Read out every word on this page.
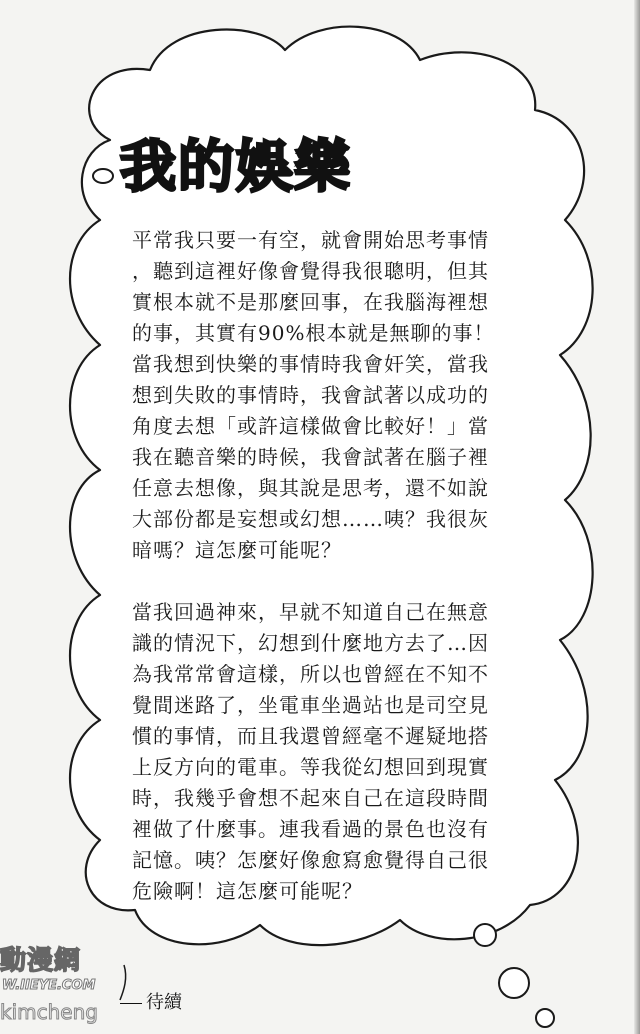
我的娛樂
平常我只要一有空，就會開始思考事情
，聽到這裡好像會覺得我很聰明，但其
實根本就不是那麼回事，在我腦海裡想
的事，其實有90%根本就是無聊的事！
當我想到快樂的事情時我會奸笑，當我
想到失敗的事情時，我會試著以成功的
角度去想「或許這樣做會比較好！」當
我在聽音樂的時候，我會試著在腦子裡
任意去想像，與其說是思考，還不如說
大部份都是妄想或幻想……咦？我很灰
暗嗎？這怎麼可能呢？
當我回過神來，早就不知道自己在無意
識的情況下，幻想到什麼地方去了…因
為我常常會這樣，所以也曾經在不知不
覺間迷路了，坐電車坐過站也是司空見
慣的事情，而且我還曾經毫不遲疑地搭
上反方向的電車。等我從幻想回到現實
時，我幾乎會想不起來自己在這段時間
裡做了什麼事。連我看過的景色也沒有
記憶。咦？怎麼好像愈寫愈覺得自己很
危險啊！這怎麼可能呢？
待續
動漫網
W.IIEYE.COM
kimcheng
